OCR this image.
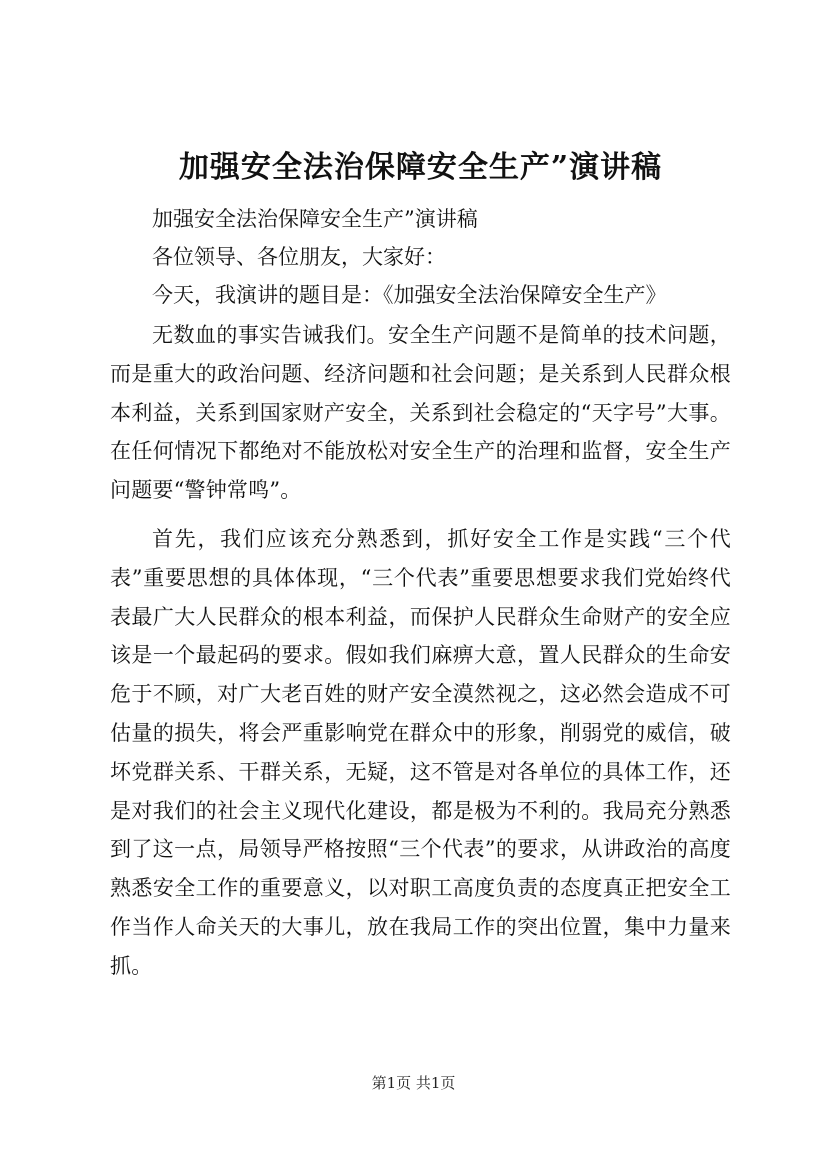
加强安全法治保障安全生产”演讲稿

加强安全法治保障安全生产”演讲稿

各位领导、各位朋友，大家好：

今天，我演讲的题目是：《加强安全法治保障安全生产》

无数血的事实告诫我们。安全生产问题不是简单的技术问题，而是重大的政治问题、经济问题和社会问题；是关系到人民群众根本利益，关系到国家财产安全，关系到社会稳定的“天字号”大事。在任何情况下都绝对不能放松对安全生产的治理和监督，安全生产问题要“警钟常鸣”。

首先，我们应该充分熟悉到，抓好安全工作是实践“三个代表”重要思想的具体体现，“三个代表”重要思想要求我们党始终代表最广大人民群众的根本利益，而保护人民群众生命财产的安全应该是一个最起码的要求。假如我们麻痹大意，置人民群众的生命安危于不顾，对广大老百姓的财产安全漠然视之，这必然会造成不可估量的损失，将会严重影响党在群众中的形象，削弱党的威信，破坏党群关系、干群关系，无疑，这不管是对各单位的具体工作，还是对我们的社会主义现代化建设，都是极为不利的。我局充分熟悉到了这一点，局领导严格按照“三个代表”的要求，从讲政治的高度熟悉安全工作的重要意义，以对职工高度负责的态度真正把安全工作当作人命关天的大事儿，放在我局工作的突出位置，集中力量来抓。

第1页 共1页
